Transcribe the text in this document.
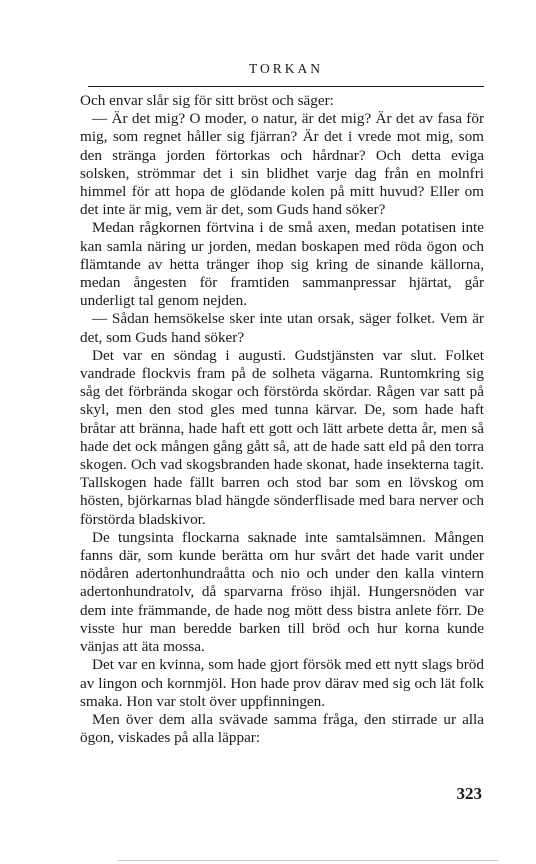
TORKAN

Och envar slår sig för sitt bröst och säger:

— Är det mig? O moder, o natur, är det mig? Är det av fasa för mig, som regnet håller sig fjärran? Är det i vrede mot mig, som den stränga jorden förtorkas och hårdnar? Och detta eviga solsken, strömmar det i sin blidhet varje dag från en molnfri himmel för att hopa de glödande kolen på mitt huvud? Eller om det inte är mig, vem är det, som Guds hand söker?

Medan rågkornen förtvina i de små axen, medan potatisen inte kan samla näring ur jorden, medan boskapen med röda ögon och flämtande av hetta tränger ihop sig kring de sinande källorna, medan ångesten för framtiden sammanpressar hjärtat, går underligt tal genom nejden.

— Sådan hemsökelse sker inte utan orsak, säger folket. Vem är det, som Guds hand söker?

Det var en söndag i augusti. Gudstjänsten var slut. Folket vandrade flockvis fram på de solheta vägarna. Runtomkring sig såg det förbrända skogar och förstörda skördar. Rågen var satt på skyl, men den stod gles med tunna kärvar. De, som hade haft bråtar att bränna, hade haft ett gott och lätt arbete detta år, men så hade det ock mången gång gått så, att de hade satt eld på den torra skogen. Och vad skogsbranden hade skonat, hade insekterna tagit. Tallskogen hade fällt barren och stod bar som en lövskog om hösten, björkarnas blad hängde sönderflisade med bara nerver och förstörda bladskivor.

De tungsinta flockarna saknade inte samtalsämnen. Mången fanns där, som kunde berätta om hur svårt det hade varit under nödåren adertonhundraåtta och nio och under den kalla vintern adertonhundratolv, då sparvarna fröso ihjäl. Hungersnöden var dem inte främmande, de hade nog mött dess bistra anlete förr. De visste hur man beredde barken till bröd och hur korna kunde vänjas att äta mossa.

Det var en kvinna, som hade gjort försök med ett nytt slags bröd av lingon och kornmjöl. Hon hade prov därav med sig och lät folk smaka. Hon var stolt över uppfinningen.

Men över dem alla svävade samma fråga, den stirrade ur alla ögon, viskades på alla läppar:

323
